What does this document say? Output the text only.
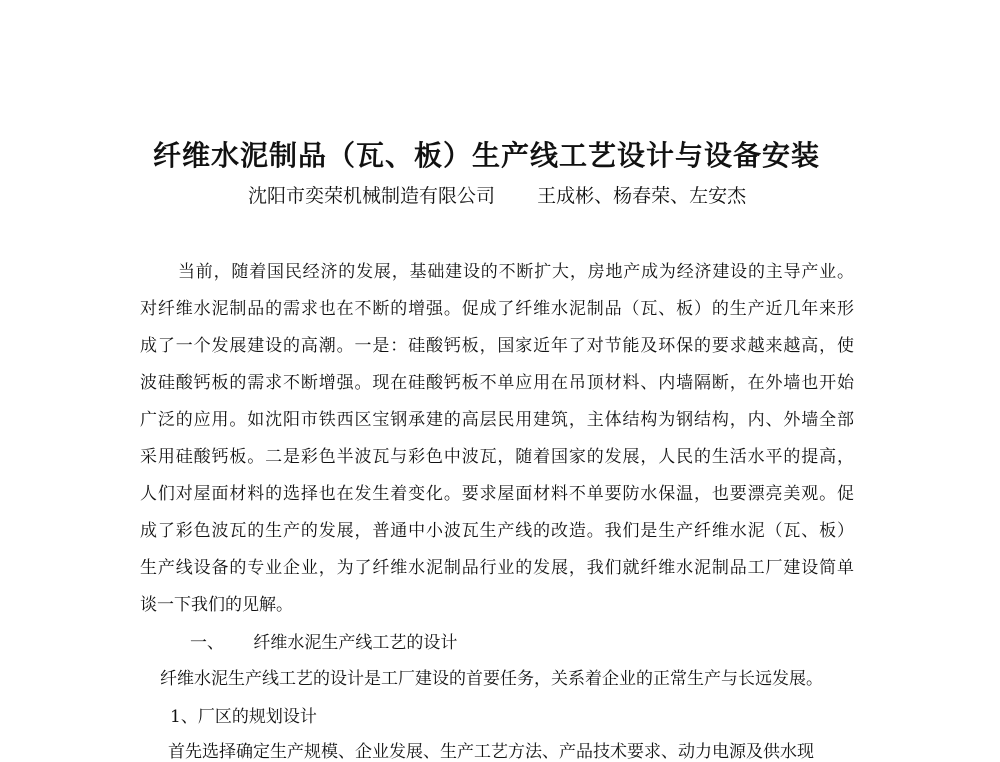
纤维水泥制品（瓦、板）生产线工艺设计与设备安装
沈阳市奕荣机械制造有限公司 王成彬、杨春荣、左安杰
当前，随着国民经济的发展，基础建设的不断扩大，房地产成为经济建设的主导产业。
对纤维水泥制品的需求也在不断的增强。促成了纤维水泥制品（瓦、板）的生产近几年来形
成了一个发展建设的高潮。一是：硅酸钙板，国家近年了对节能及环保的要求越来越高，使
波硅酸钙板的需求不断增强。现在硅酸钙板不单应用在吊顶材料、内墙隔断，在外墙也开始
广泛的应用。如沈阳市铁西区宝钢承建的高层民用建筑，主体结构为钢结构，内、外墙全部
采用硅酸钙板。二是彩色半波瓦与彩色中波瓦，随着国家的发展，人民的生活水平的提高，
人们对屋面材料的选择也在发生着变化。要求屋面材料不单要防水保温，也要漂亮美观。促
成了彩色波瓦的生产的发展，普通中小波瓦生产线的改造。我们是生产纤维水泥（瓦、板）
生产线设备的专业企业，为了纤维水泥制品行业的发展，我们就纤维水泥制品工厂建设简单
谈一下我们的见解。
一、 纤维水泥生产线工艺的设计
纤维水泥生产线工艺的设计是工厂建设的首要任务，关系着企业的正常生产与长远发展。
1、厂区的规划设计
首先选择确定生产规模、企业发展、生产工艺方法、产品技术要求、动力电源及供水现
